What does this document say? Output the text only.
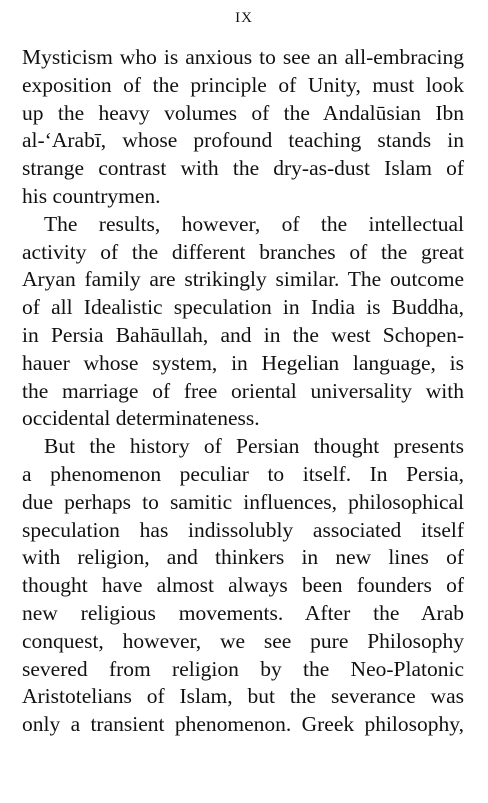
IX
Mysticism who is anxious to see an all-embracing
exposition of the principle of Unity, must look
up the heavy volumes of the Andalūsian Ibn
al-ʻArabī, whose profound teaching stands in
strange contrast with the dry-as-dust Islam of
his countrymen.
The results, however, of the intellectual
activity of the different branches of the great
Aryan family are strikingly similar. The outcome
of all Idealistic speculation in India is Buddha,
in Persia Bahāullah, and in the west Schopen-
hauer whose system, in Hegelian language, is
the marriage of free oriental universality with
occidental determinateness.
But the history of Persian thought presents
a phenomenon peculiar to itself. In Persia,
due perhaps to samitic influences, philosophical
speculation has indissolubly associated itself
with religion, and thinkers in new lines of
thought have almost always been founders of
new religious movements. After the Arab
conquest, however, we see pure Philosophy
severed from religion by the Neo-Platonic
Aristotelians of Islam, but the severance was
only a transient phenomenon. Greek philosophy,
